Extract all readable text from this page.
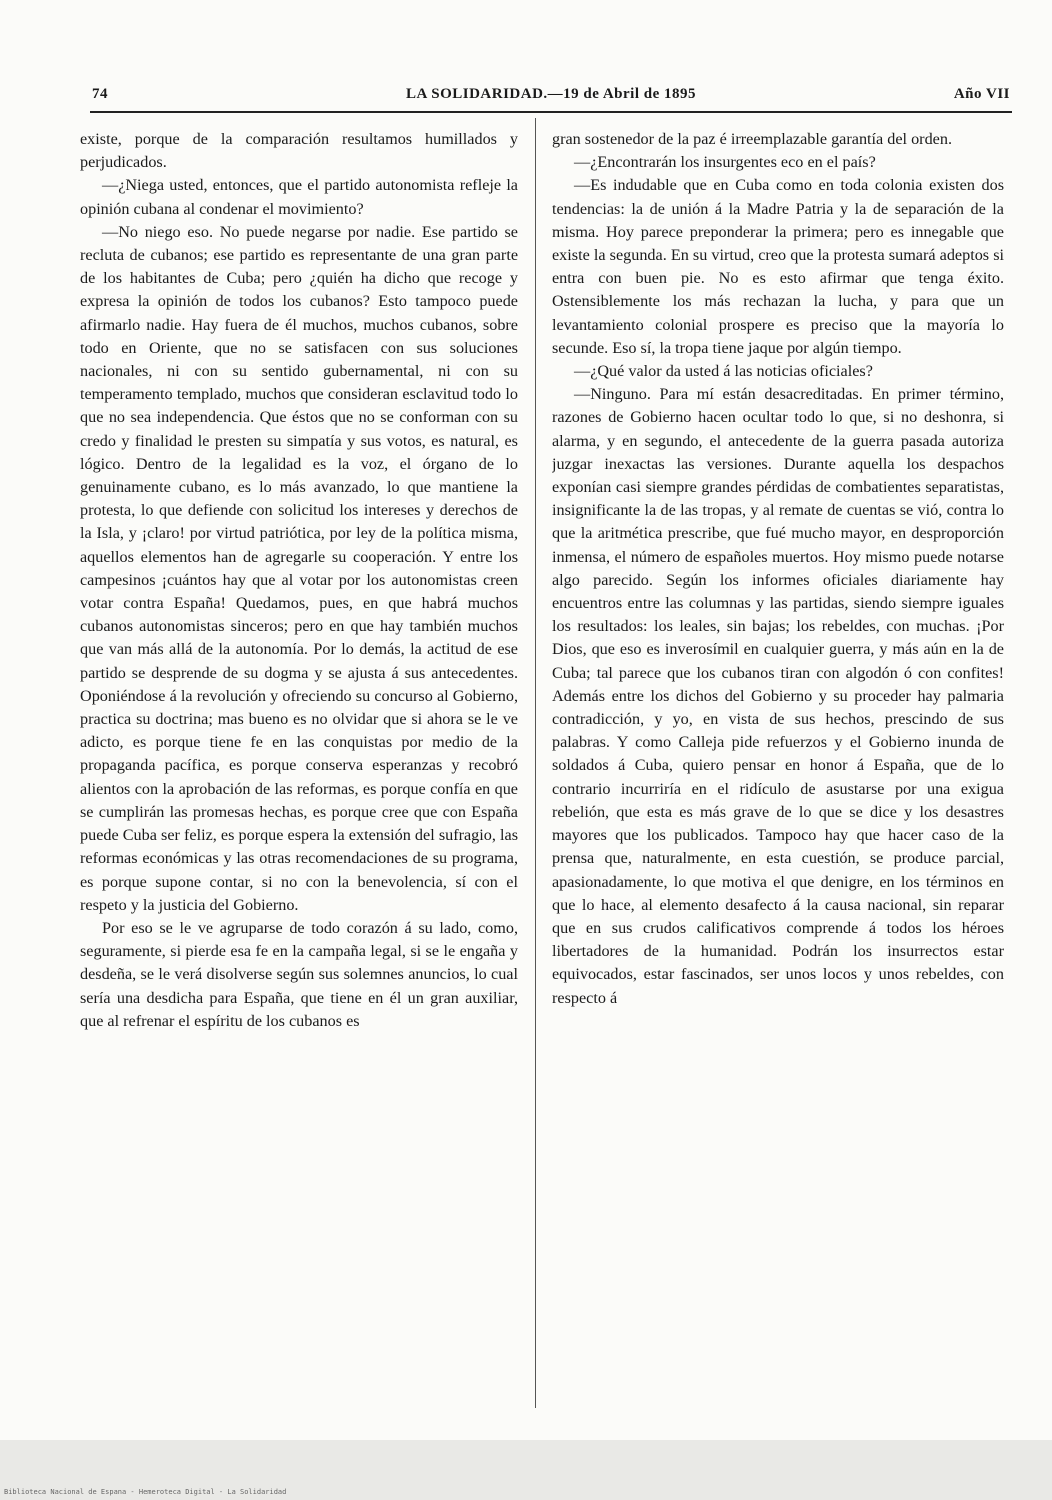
74	LA SOLIDARIDAD.—19 de Abril de 1895	Año VII

existe, porque de la comparación resultamos humillados y perjudicados.

—¿Niega usted, entonces, que el partido autonomista refleje la opinión cubana al condenar el movimiento?

—No niego eso. No puede negarse por nadie. Ese partido se recluta de cubanos; ese partido es representante de una gran parte de los habitantes de Cuba; pero ¿quién ha dicho que recoge y expresa la opinión de todos los cubanos? Esto tampoco puede afirmarlo nadie. Hay fuera de él muchos, muchos cubanos, sobre todo en Oriente, que no se satisfacen con sus soluciones nacionales, ni con su sentido gubernamental, ni con su temperamento templado, muchos que consideran esclavitud todo lo que no sea independencia. Que éstos que no se conforman con su credo y finalidad le presten su simpatía y sus votos, es natural, es lógico. Dentro de la legalidad es la voz, el órgano de lo genuinamente cubano, es lo más avanzado, lo que mantiene la protesta, lo que defiende con solicitud los intereses y derechos de la Isla, y ¡claro! por virtud patriótica, por ley de la política misma, aquellos elementos han de agregarle su cooperación. Y entre los campesinos ¡cuántos hay que al votar por los autonomistas creen votar contra España! Quedamos, pues, en que habrá muchos cubanos autonomistas sinceros; pero en que hay también muchos que van más allá de la autonomía. Por lo demás, la actitud de ese partido se desprende de su dogma y se ajusta á sus antecedentes. Oponiéndose á la revolución y ofreciendo su concurso al Gobierno, practica su doctrina; mas bueno es no olvidar que si ahora se le ve adicto, es porque tiene fe en las conquistas por medio de la propaganda pacífica, es porque conserva esperanzas y recobró alientos con la aprobación de las reformas, es porque confía en que se cumplirán las promesas hechas, es porque cree que con España puede Cuba ser feliz, es porque espera la extensión del sufragio, las reformas económicas y las otras recomendaciones de su programa, es porque supone contar, si no con la benevolencia, sí con el respeto y la justicia del Gobierno.

Por eso se le ve agruparse de todo corazón á su lado, como, seguramente, si pierde esa fe en la campaña legal, si se le engaña y desdeña, se le verá disolverse según sus solemnes anuncios, lo cual sería una desdicha para España, que tiene en él un gran auxiliar, que al refrenar el espíritu de los cubanos es

gran sostenedor de la paz é irreemplazable garantía del orden.

—¿Encontrarán los insurgentes eco en el país?

—Es indudable que en Cuba como en toda colonia existen dos tendencias: la de unión á la Madre Patria y la de separación de la misma. Hoy parece preponderar la primera; pero es innegable que existe la segunda. En su virtud, creo que la protesta sumará adeptos si entra con buen pie. No es esto afirmar que tenga éxito. Ostensiblemente los más rechazan la lucha, y para que un levantamiento colonial prospere es preciso que la mayoría lo secunde. Eso sí, la tropa tiene jaque por algún tiempo.

—¿Qué valor da usted á las noticias oficiales?

—Ninguno. Para mí están desacreditadas. En primer término, razones de Gobierno hacen ocultar todo lo que, si no deshonra, si alarma, y en segundo, el antecedente de la guerra pasada autoriza juzgar inexactas las versiones. Durante aquella los despachos exponían casi siempre grandes pérdidas de combatientes separatistas, insignificante la de las tropas, y al remate de cuentas se vió, contra lo que la aritmética prescribe, que fué mucho mayor, en desproporción inmensa, el número de españoles muertos. Hoy mismo puede notarse algo parecido. Según los informes oficiales diariamente hay encuentros entre las columnas y las partidas, siendo siempre iguales los resultados: los leales, sin bajas; los rebeldes, con muchas. ¡Por Dios, que eso es inverosímil en cualquier guerra, y más aún en la de Cuba; tal parece que los cubanos tiran con algodón ó con confites! Además entre los dichos del Gobierno y su proceder hay palmaria contradicción, y yo, en vista de sus hechos, prescindo de sus palabras. Y como Calleja pide refuerzos y el Gobierno inunda de soldados á Cuba, quiero pensar en honor á España, que de lo contrario incurriría en el ridículo de asustarse por una exigua rebelión, que esta es más grave de lo que se dice y los desastres mayores que los publicados. Tampoco hay que hacer caso de la prensa que, naturalmente, en esta cuestión, se produce parcial, apasionadamente, lo que motiva el que denigre, en los términos en que lo hace, al elemento desafecto á la causa nacional, sin reparar que en sus crudos calificativos comprende á todos los héroes libertadores de la humanidad. Podrán los insurrectos estar equivocados, estar fascinados, ser unos locos y unos rebeldes, con respecto á

Biblioteca Nacional de Espana - Hemeroteca Digital - La Solidaridad
